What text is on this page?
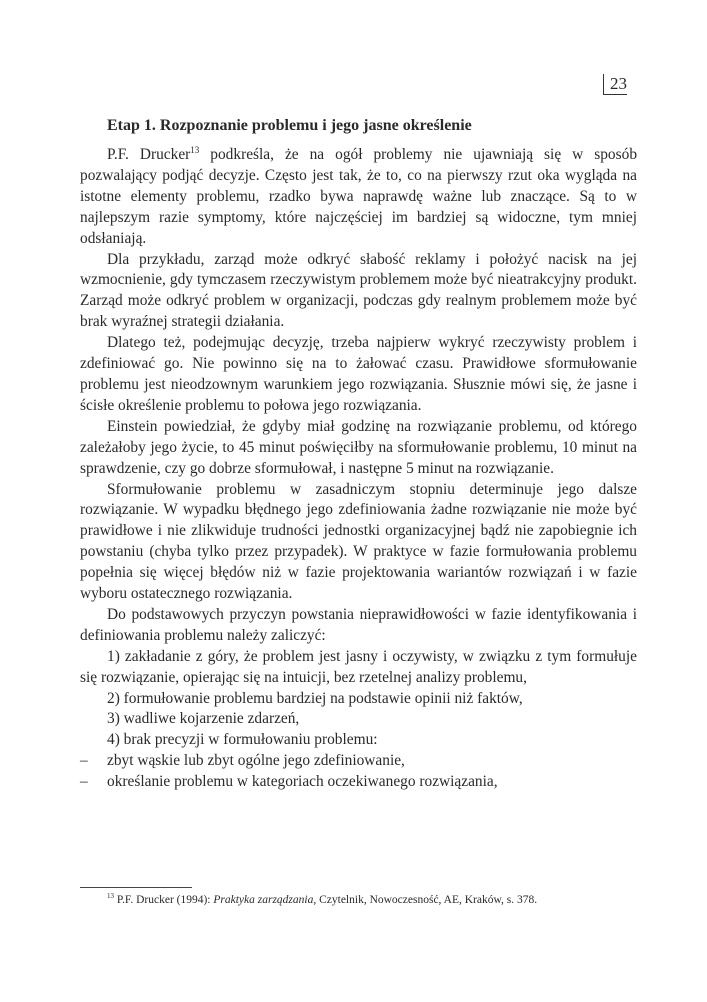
23
Etap 1. Rozpoznanie problemu i jego jasne określenie

P.F. Drucker$^{13}$ podkreśla, że na ogół problemy nie ujawniają się w sposób pozwalający podjąć decyzje. Często jest tak, że to, co na pierwszy rzut oka wygląda na istotne elementy problemu, rzadko bywa naprawdę ważne lub znaczące. Są to w najlepszym razie symptomy, które najczęściej im bardziej są widoczne, tym mniej odsłaniają.

Dla przykładu, zarząd może odkryć słabość reklamy i położyć nacisk na jej wzmocnienie, gdy tymczasem rzeczywistym problemem może być nieatrakcyjny produkt. Zarząd może odkryć problem w organizacji, podczas gdy realnym problemem może być brak wyraźnej strategii działania.

Dlatego też, podejmując decyzję, trzeba najpierw wykryć rzeczywisty problem i zdefiniować go. Nie powinno się na to żałować czasu. Prawidłowe sformułowanie problemu jest nieodzownym warunkiem jego rozwiązania. Słusznie mówi się, że jasne i ścisłe określenie problemu to połowa jego rozwiązania.

Einstein powiedział, że gdyby miał godzinę na rozwiązanie problemu, od którego zależałoby jego życie, to 45 minut poświęciłby na sformułowanie problemu, 10 minut na sprawdzenie, czy go dobrze sformułował, i następne 5 minut na rozwiązanie.

Sformułowanie problemu w zasadniczym stopniu determinuje jego dalsze rozwiązanie. W wypadku błędnego jego zdefiniowania żadne rozwiązanie nie może być prawidłowe i nie zlikwiduje trudności jednostki organizacyjnej bądź nie zapobiegnie ich powstaniu (chyba tylko przez przypadek). W praktyce w fazie formułowania problemu popełnia się więcej błędów niż w fazie projektowania wariantów rozwiązań i w fazie wyboru ostatecznego rozwiązania.

Do podstawowych przyczyn powstania nieprawidłowości w fazie identyfikowania i definiowania problemu należy zaliczyć:

1) zakładanie z góry, że problem jest jasny i oczywisty, w związku z tym formułuje się rozwiązanie, opierając się na intuicji, bez rzetelnej analizy problemu,

2) formułowanie problemu bardziej na podstawie opinii niż faktów,

3) wadliwe kojarzenie zdarzeń,

4) brak precyzji w formułowaniu problemu:

– zbyt wąskie lub zbyt ogólne jego zdefiniowanie,

– określanie problemu w kategoriach oczekiwanego rozwiązania,

$^{13}$ P.F. Drucker (1994): Praktyka zarządzania, Czytelnik, Nowoczesność, AE, Kraków, s. 378.
